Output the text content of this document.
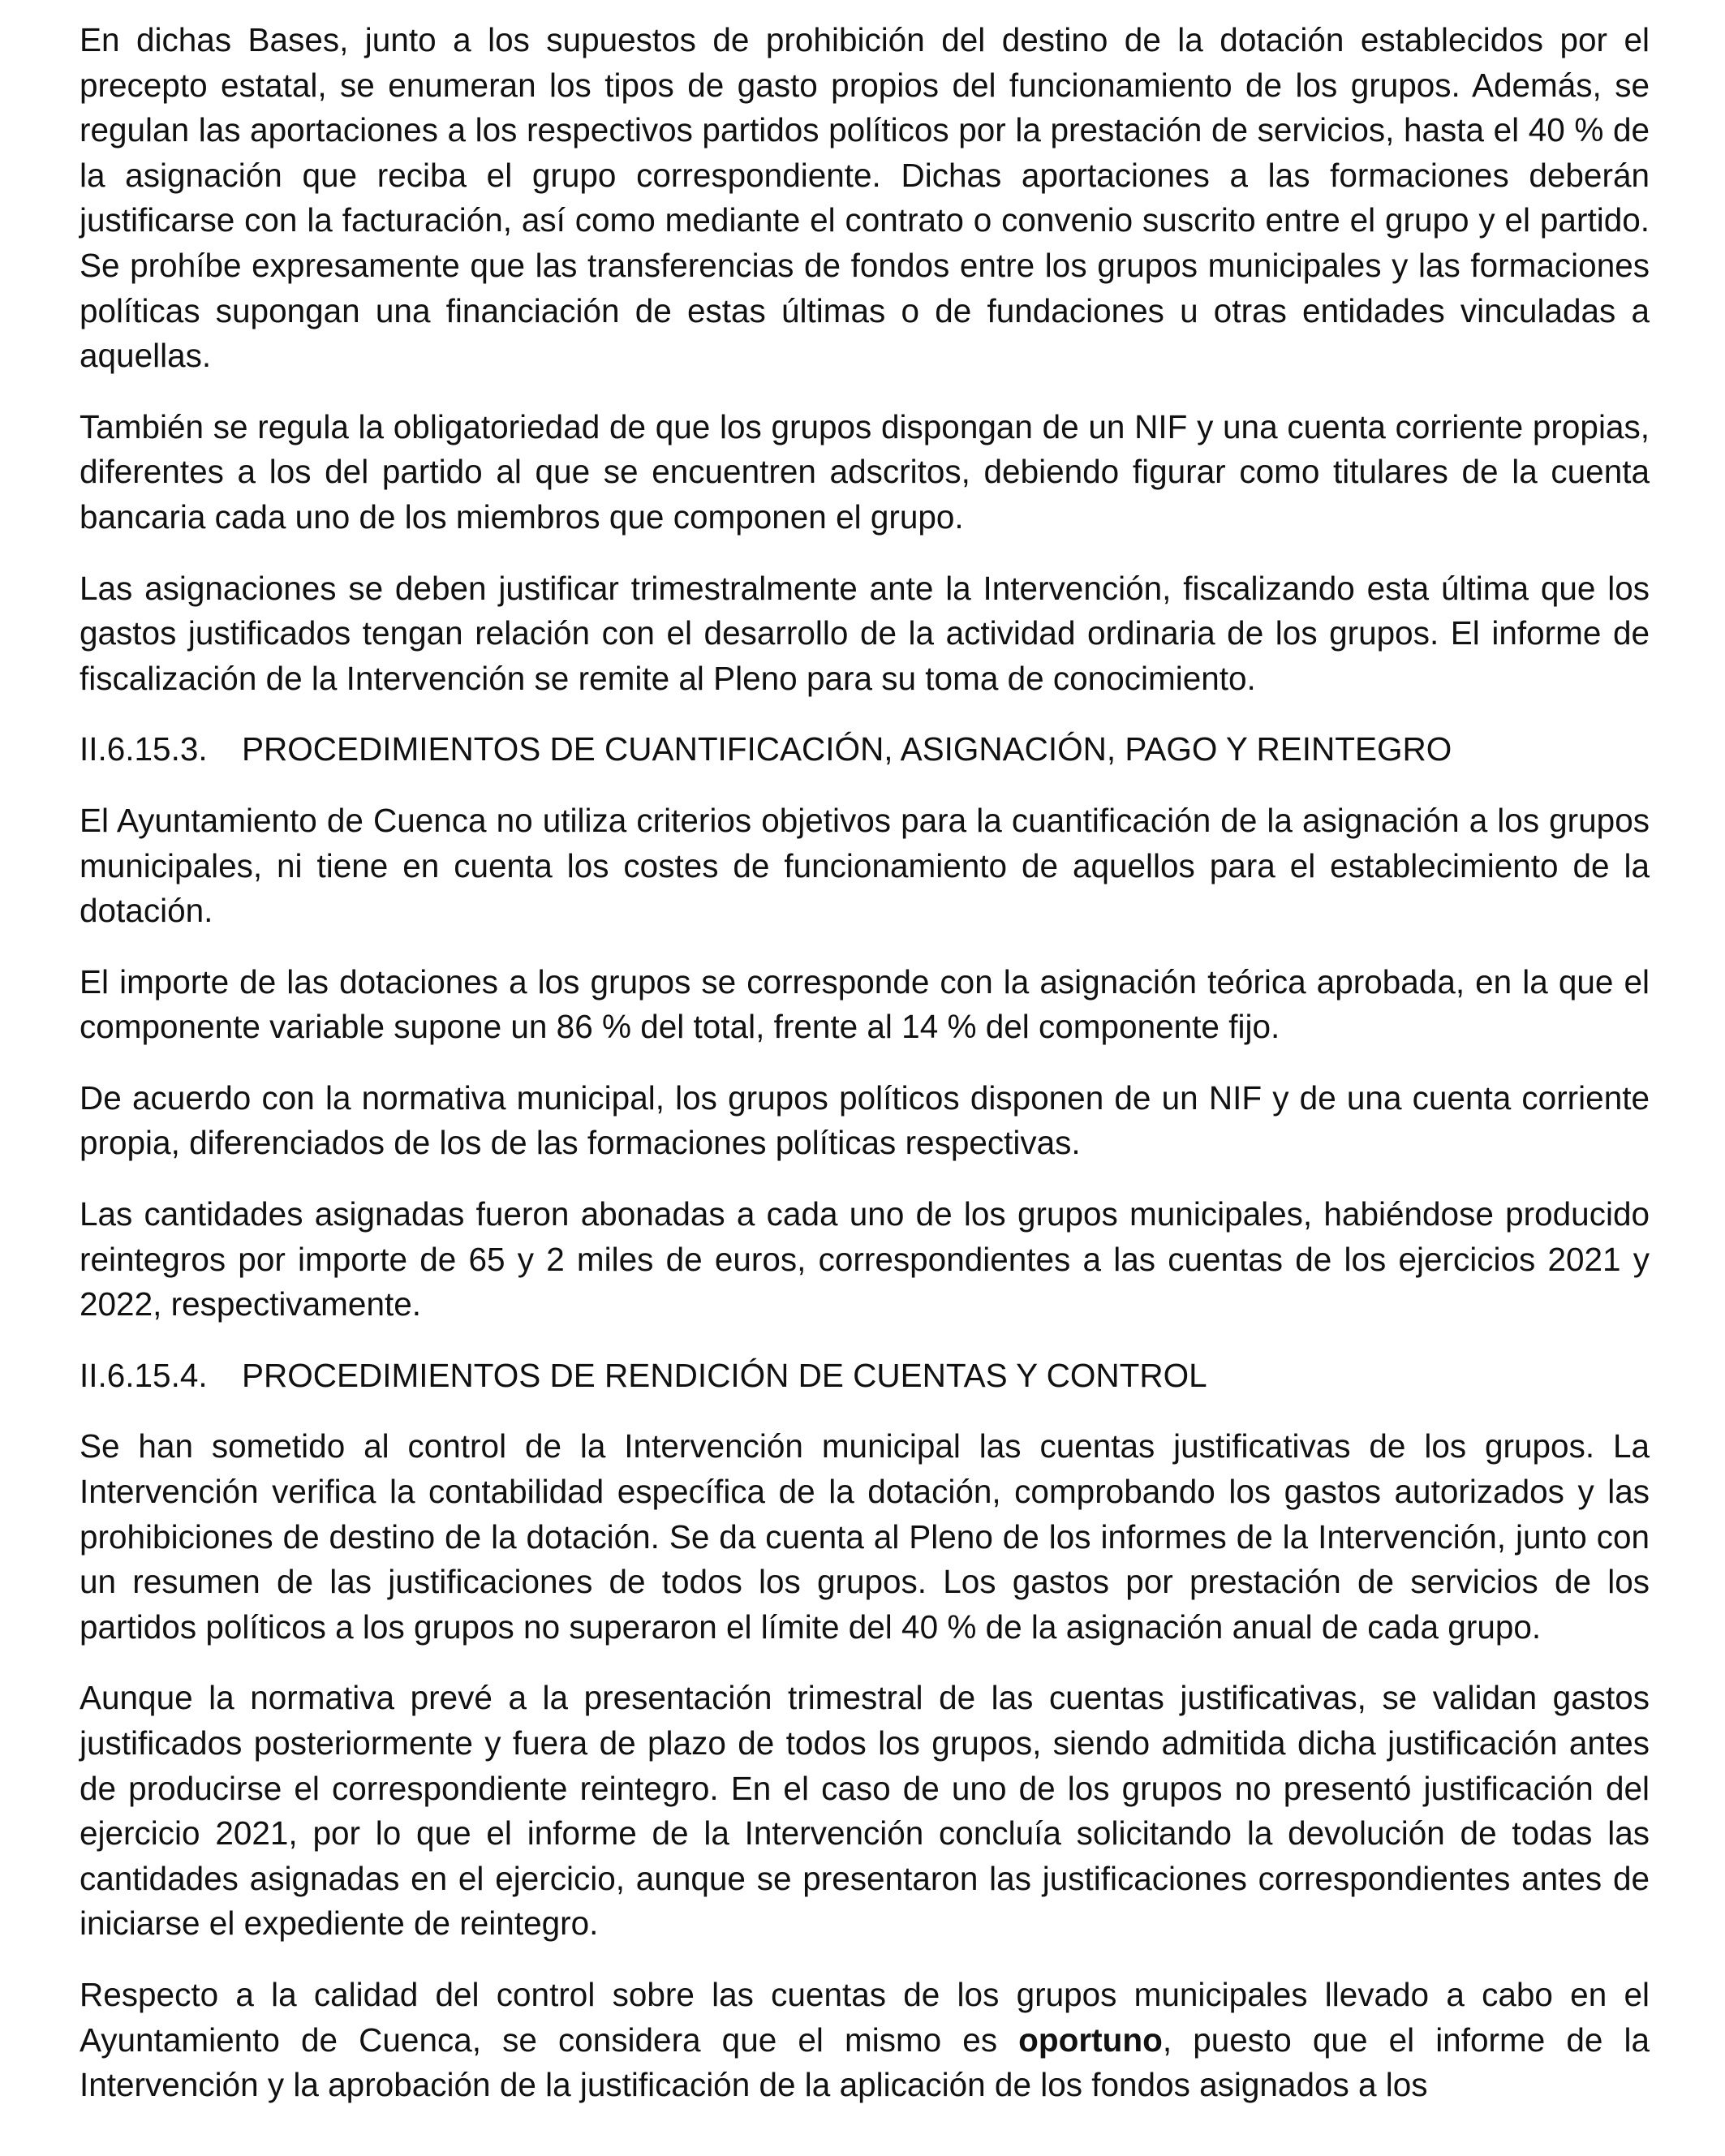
En dichas Bases, junto a los supuestos de prohibición del destino de la dotación establecidos por el precepto estatal, se enumeran los tipos de gasto propios del funcionamiento de los grupos. Además, se regulan las aportaciones a los respectivos partidos políticos por la prestación de servicios, hasta el 40 % de la asignación que reciba el grupo correspondiente. Dichas aportaciones a las formaciones deberán justificarse con la facturación, así como mediante el contrato o convenio suscrito entre el grupo y el partido. Se prohíbe expresamente que las transferencias de fondos entre los grupos municipales y las formaciones políticas supongan una financiación de estas últimas o de fundaciones u otras entidades vinculadas a aquellas.

También se regula la obligatoriedad de que los grupos dispongan de un NIF y una cuenta corriente propias, diferentes a los del partido al que se encuentren adscritos, debiendo figurar como titulares de la cuenta bancaria cada uno de los miembros que componen el grupo.

Las asignaciones se deben justificar trimestralmente ante la Intervención, fiscalizando esta última que los gastos justificados tengan relación con el desarrollo de la actividad ordinaria de los grupos. El informe de fiscalización de la Intervención se remite al Pleno para su toma de conocimiento.

II.6.15.3. PROCEDIMIENTOS DE CUANTIFICACIÓN, ASIGNACIÓN, PAGO Y REINTEGRO

El Ayuntamiento de Cuenca no utiliza criterios objetivos para la cuantificación de la asignación a los grupos municipales, ni tiene en cuenta los costes de funcionamiento de aquellos para el establecimiento de la dotación.

El importe de las dotaciones a los grupos se corresponde con la asignación teórica aprobada, en la que el componente variable supone un 86 % del total, frente al 14 % del componente fijo.

De acuerdo con la normativa municipal, los grupos políticos disponen de un NIF y de una cuenta corriente propia, diferenciados de los de las formaciones políticas respectivas.

Las cantidades asignadas fueron abonadas a cada uno de los grupos municipales, habiéndose producido reintegros por importe de 65 y 2 miles de euros, correspondientes a las cuentas de los ejercicios 2021 y 2022, respectivamente.

II.6.15.4. PROCEDIMIENTOS DE RENDICIÓN DE CUENTAS Y CONTROL

Se han sometido al control de la Intervención municipal las cuentas justificativas de los grupos. La Intervención verifica la contabilidad específica de la dotación, comprobando los gastos autorizados y las prohibiciones de destino de la dotación. Se da cuenta al Pleno de los informes de la Intervención, junto con un resumen de las justificaciones de todos los grupos. Los gastos por prestación de servicios de los partidos políticos a los grupos no superaron el límite del 40 % de la asignación anual de cada grupo.

Aunque la normativa prevé a la presentación trimestral de las cuentas justificativas, se validan gastos justificados posteriormente y fuera de plazo de todos los grupos, siendo admitida dicha justificación antes de producirse el correspondiente reintegro. En el caso de uno de los grupos no presentó justificación del ejercicio 2021, por lo que el informe de la Intervención concluía solicitando la devolución de todas las cantidades asignadas en el ejercicio, aunque se presentaron las justificaciones correspondientes antes de iniciarse el expediente de reintegro.

Respecto a la calidad del control sobre las cuentas de los grupos municipales llevado a cabo en el Ayuntamiento de Cuenca, se considera que el mismo es oportuno, puesto que el informe de la Intervención y la aprobación de la justificación de la aplicación de los fondos asignados a los
